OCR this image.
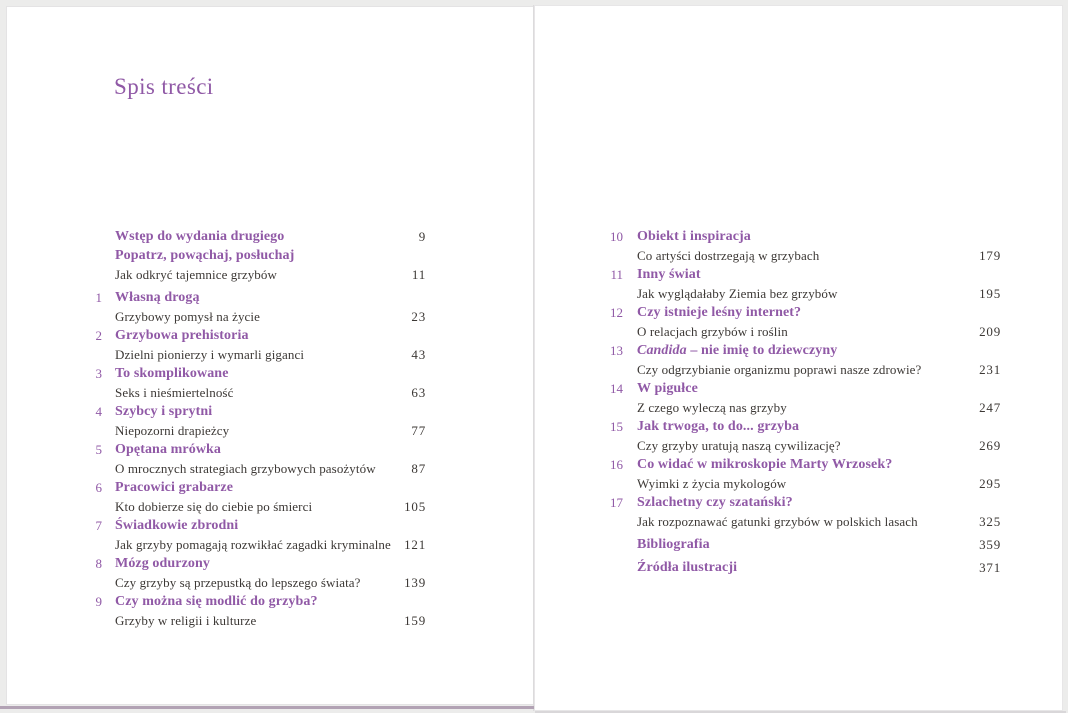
Spis treści
Wstęp do wydania drugiego	9
Popatrz, powąchaj, posłuchaj
Jak odkryć tajemnice grzybów	11
1 Własną drogą
Grzybowy pomysł na życie	23
2 Grzybowa prehistoria
Dzielni pionierzy i wymarli giganci	43
3 To skomplikowane
Seks i nieśmiertelność	63
4 Szybcy i sprytni
Niepozorni drapieżcy	77
5 Opętana mrówka
O mrocznych strategiach grzybowych pasożytów	87
6 Pracowici grabarze
Kto dobierze się do ciebie po śmierci	105
7 Świadkowie zbrodni
Jak grzyby pomagają rozwikłać zagadki kryminalne	121
8 Mózg odurzony
Czy grzyby są przepustką do lepszego świata?	139
9 Czy można się modlić do grzyba?
Grzyby w religii i kulturze	159
10 Obiekt i inspiracja
Co artyści dostrzegają w grzybach	179
11 Inny świat
Jak wyglądałaby Ziemia bez grzybów	195
12 Czy istnieje leśny internet?
O relacjach grzybów i roślin	209
13 Candida – nie imię to dziewczyny
Czy odgrzybianie organizmu poprawi nasze zdrowie?	231
14 W pigułce
Z czego wyleczą nas grzyby	247
15 Jak trwoga, to do... grzyba
Czy grzyby uratują naszą cywilizację?	269
16 Co widać w mikroskopie Marty Wrzosek?
Wyimki z życia mykologów	295
17 Szlachetny czy szatański?
Jak rozpoznawać gatunki grzybów w polskich lasach	325
Bibliografia	359
Źródła ilustracji	371
